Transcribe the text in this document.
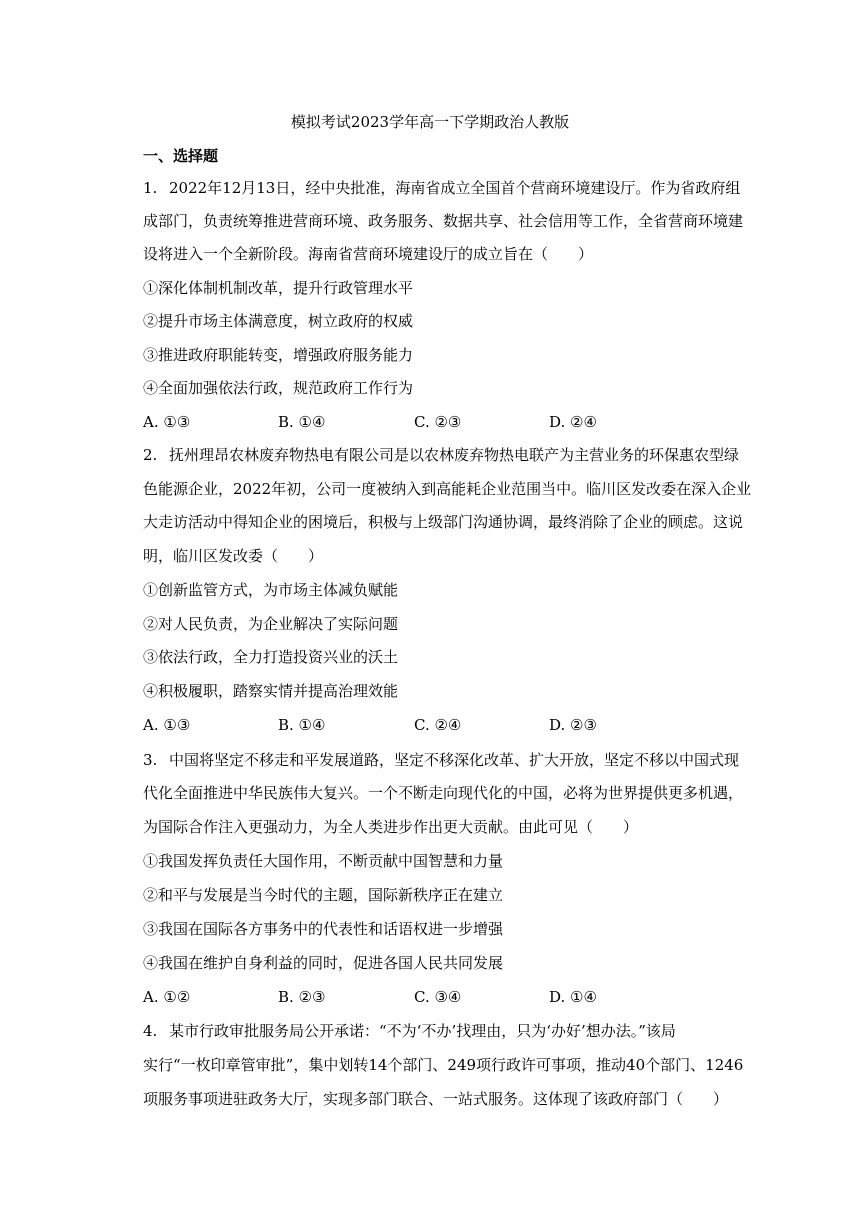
模拟考试2023学年高一下学期政治人教版
一、选择题
1. 2022年12月13日，经中央批准，海南省成立全国首个营商环境建设厅。作为省政府组
成部门，负责统筹推进营商环境、政务服务、数据共享、社会信用等工作，全省营商环境建
设将进入一个全新阶段。海南省营商环境建设厅的成立旨在（　　）
①深化体制机制改革，提升行政管理水平
②提升市场主体满意度，树立政府的权威
③推进政府职能转变，增强政府服务能力
④全面加强依法行政，规范政府工作行为
A. ①③	B. ①④	C. ②③	D. ②④
2. 抚州理昂农林废弃物热电有限公司是以农林废弃物热电联产为主营业务的环保惠农型绿
色能源企业，2022年初，公司一度被纳入到高能耗企业范围当中。临川区发改委在深入企业
大走访活动中得知企业的困境后，积极与上级部门沟通协调，最终消除了企业的顾虑。这说
明，临川区发改委（　　）
①创新监管方式，为市场主体减负赋能
②对人民负责，为企业解决了实际问题
③依法行政，全力打造投资兴业的沃土
④积极履职，踏察实情并提高治理效能
A. ①③	B. ①④	C. ②④	D. ②③
3. 中国将坚定不移走和平发展道路，坚定不移深化改革、扩大开放，坚定不移以中国式现
代化全面推进中华民族伟大复兴。一个不断走向现代化的中国，必将为世界提供更多机遇，
为国际合作注入更强动力，为全人类进步作出更大贡献。由此可见（　　）
①我国发挥负责任大国作用，不断贡献中国智慧和力量
②和平与发展是当今时代的主题，国际新秩序正在建立
③我国在国际各方事务中的代表性和话语权进一步增强
④我国在维护自身利益的同时，促进各国人民共同发展
A. ①②	B. ②③	C. ③④	D. ①④
4. 某市行政审批服务局公开承诺：“不为‘不办’找理由，只为‘办好’想办法。”该局
实行“一枚印章管审批”，集中划转14个部门、249项行政许可事项，推动40个部门、1246
项服务事项进驻政务大厅，实现多部门联合、一站式服务。这体现了该政府部门（　　）
